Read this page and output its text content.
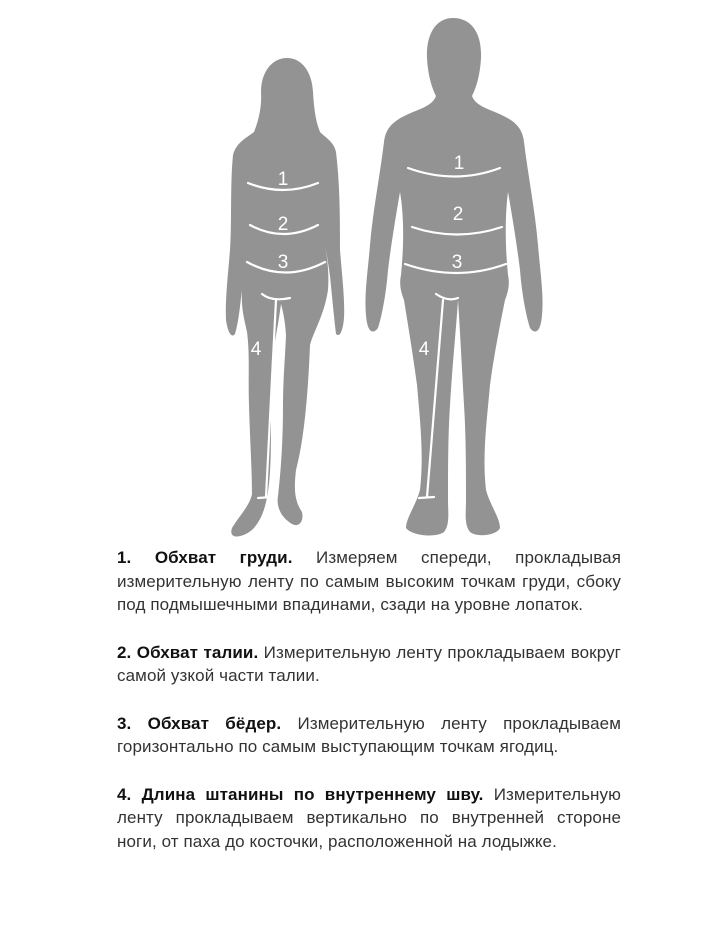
1
2
3
4
1
2
3
4

1. Обхват груди. Измеряем спереди, прокладывая измерительную ленту по самым высоким точкам груди, сбоку под подмышечными впадинами, сзади на уровне лопаток.

2. Обхват талии. Измерительную ленту прокладываем вокруг самой узкой части талии.

3. Обхват бёдер. Измерительную ленту прокладываем горизонтально по самым выступающим точкам ягодиц.

4. Длина штанины по внутреннему шву. Измерительную ленту прокладываем вертикально по внутренней стороне ноги, от паха до косточки, расположенной на лодыжке.
